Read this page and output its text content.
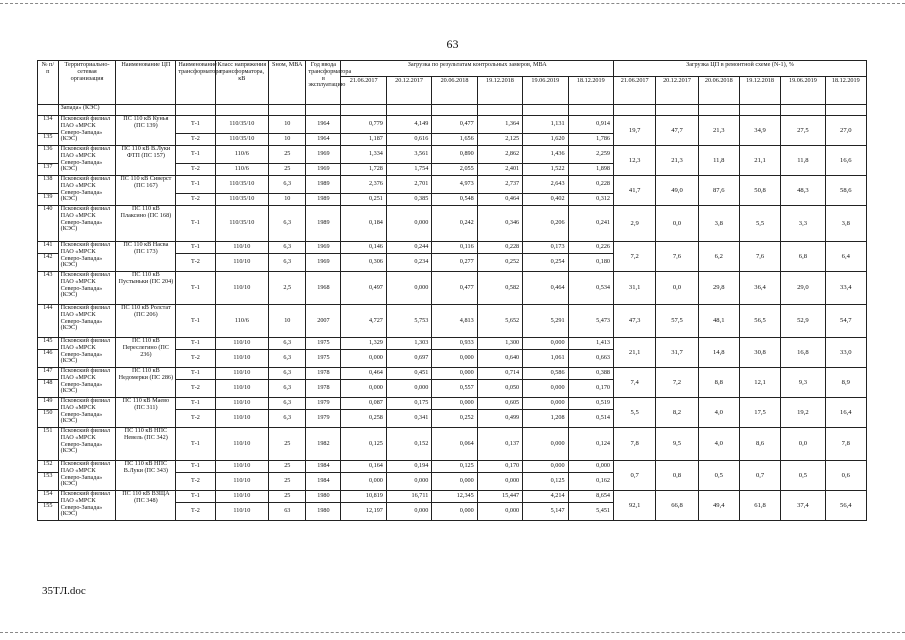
63
№ п/п	Территориально-сетевая организация	Наименование ЦП	Наименование трансформатора	Класс напряжения трансформатора, кВ	Sном, МВА	Год ввода трансформатора в эксплуатацию	Загрузка по результатам контрольных замеров, МВА						Загрузка ЦП в ремонтной схеме (N-1), %					
							21.06.2017	20.12.2017	20.06.2018	19.12.2018	19.06.2019	18.12.2019	21.06.2017	20.12.2017	20.06.2018	19.12.2018	19.06.2019	18.12.2019
	Запада» (КЭС)																	
134	Псковский филиал ПАО «МРСК Северо-Запада» (КЭС)	ПС 110 кВ Кунья (ПС 139)	Т-1	110/35/10	10	1964	0,779	4,149	0,477	1,364	1,131	0,914	19,7	47,7	21,3	34,9	27,5	27,0
135			Т-2	110/35/10	10	1964	1,187	0,616	1,656	2,125	1,620	1,786						
136	Псковский филиал ПАО «МРСК Северо-Запада» (КЭС)	ПС 110 кВ В.Луки ФТП (ПС 157)	Т-1	110/6	25	1969	1,334	3,561	0,890	2,862	1,436	2,259	12,3	21,3	11,8	21,1	11,8	16,6
137			Т-2	110/6	25	1969	1,728	1,754	2,055	2,401	1,522	1,898						
138	Псковский филиал ПАО «МРСК Северо-Запада» (КЭС)	ПС 110 кВ Сиверст (ПС 167)	Т-1	110/35/10	6,3	1989	2,376	2,701	4,973	2,737	2,643	0,228	41,7	49,0	87,6	50,8	48,3	58,6
139			Т-2	110/35/10	10	1989	0,251	0,385	0,548	0,464	0,402	0,312						
140	Псковский филиал ПАО «МРСК Северо-Запада» (КЭС)	ПС 110 кВ Плаксино (ПС 168)	Т-1	110/35/10	6,3	1989	0,184	0,000	0,242	0,346	0,206	0,241	2,9	0,0	3,8	5,5	3,3	3,8
141	Псковский филиал ПАО «МРСК Северо-Запада» (КЭС)	ПС 110 кВ Насва (ПС 173)	Т-1	110/10	6,3	1969	0,146	0,244	0,116	0,228	0,173	0,226	7,2	7,6	6,2	7,6	6,8	6,4
142			Т-2	110/10	6,3	1969	0,306	0,234	0,277	0,252	0,254	0,180						
143	Псковский филиал ПАО «МРСК Северо-Запада» (КЭС)	ПС 110 кВ Пустыньки (ПС 204)	Т-1	110/10	2,5	1968	0,497	0,000	0,477	0,582	0,464	0,534	31,1	0,0	29,8	36,4	29,0	33,4
144	Псковский филиал ПАО «МРСК Северо-Запада» (КЭС)	ПС 110 кВ Ролстат (ПС 206)	Т-1	110/6	10	2007	4,727	5,753	4,813	5,652	5,291	5,473	47,3	57,5	48,1	56,5	52,9	54,7
145	Псковский филиал ПАО «МРСК Северо-Запада» (КЭС)	ПС 110 кВ Переслегино (ПС 236)	Т-1	110/10	6,3	1975	1,329	1,303	0,933	1,300	0,000	1,413	21,1	31,7	14,8	30,8	16,8	33,0
146			Т-2	110/10	6,3	1975	0,000	0,697	0,000	0,640	1,061	0,663						
147	Псковский филиал ПАО «МРСК Северо-Запада» (КЭС)	ПС 110 кВ Недомерки (ПС 286)	Т-1	110/10	6,3	1978	0,464	0,451	0,000	0,714	0,586	0,388	7,4	7,2	8,8	12,1	9,3	8,9
148			Т-2	110/10	6,3	1978	0,000	0,000	0,557	0,050	0,000	0,170						
149	Псковский филиал ПАО «МРСК Северо-Запада» (КЭС)	ПС 110 кВ Маево (ПС 311)	Т-1	110/10	6,3	1979	0,087	0,175	0,000	0,605	0,000	0,519	5,5	8,2	4,0	17,5	19,2	16,4
150			Т-2	110/10	6,3	1979	0,258	0,341	0,252	0,499	1,208	0,514						
151	Псковский филиал ПАО «МРСК Северо-Запада» (КЭС)	ПС 110 кВ НПС Невель (ПС 342)	Т-1	110/10	25	1982	0,125	0,152	0,064	0,137	0,000	0,124	7,8	9,5	4,0	8,6	0,0	7,8
152	Псковский филиал ПАО «МРСК Северо-Запада» (КЭС)	ПС 110 кВ НПС В.Луки (ПС 343)	Т-1	110/10	25	1984	0,164	0,194	0,125	0,170	0,000	0,000	0,7	0,8	0,5	0,7	0,5	0,6
153			Т-2	110/10	25	1984	0,000	0,000	0,000	0,000	0,125	0,162						
154	Псковский филиал ПАО «МРСК Северо-Запада» (КЭС)	ПС 110 кВ ВЗЩА (ПС 348)	Т-1	110/10	25	1980	10,819	16,711	12,345	15,447	4,214	8,654	92,1	66,8	49,4	61,8	37,4	56,4
155			Т-2	110/10	63	1980	12,197	0,000	0,000	0,000	5,147	5,451						
35TЛ.doc
